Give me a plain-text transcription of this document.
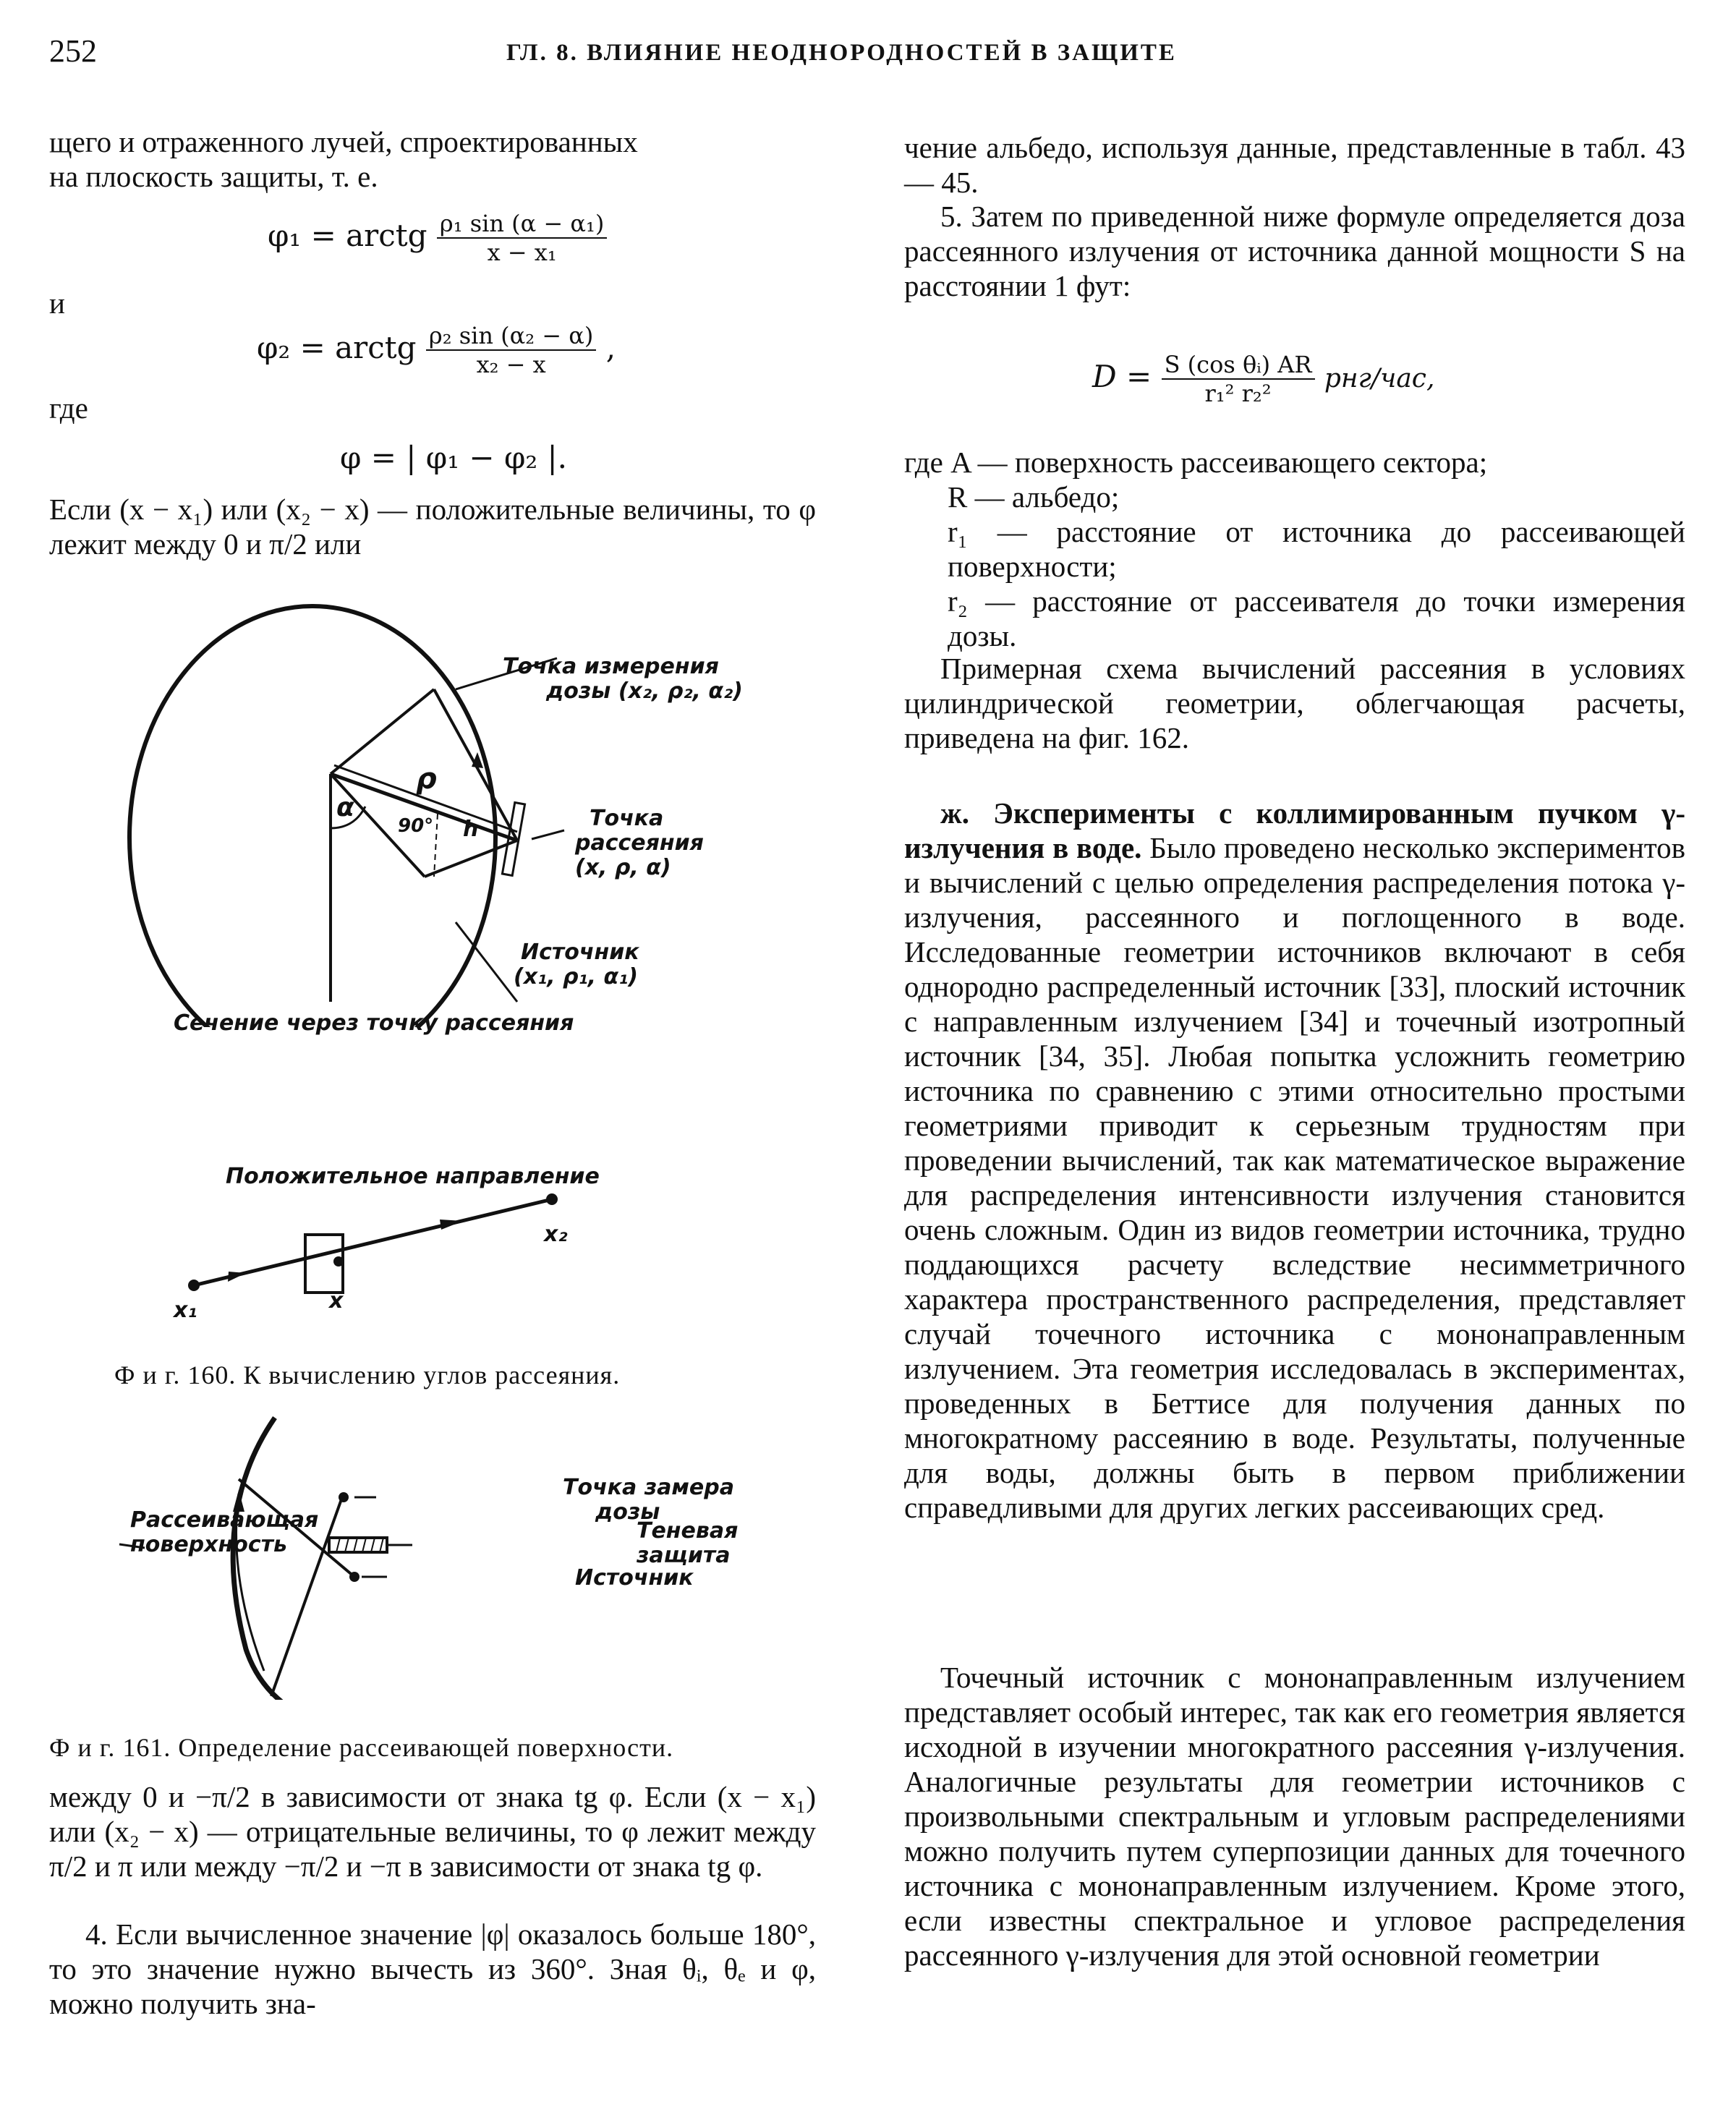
252	ГЛ. 8. ВЛИЯНИЕ НЕОДНОРОДНОСТЕЙ В ЗАЩИТЕ

щего и отраженного лучей, спроектированных

на плоскость защиты, т. е.

φ₁ = arctg $\frac{\text{ρ₁ sin (α − α₁)}}{\text{x − x₁}}$
и
φ₂ = arctg $\frac{\text{ρ₂ sin (α₂ − α)}}{\text{x₂ − x}}$ ,
где
φ = | φ₁ − φ₂ |.
Если (x − x₁) или (x₂ − x) — положительные величины, то φ лежит между 0 и π/2 или
α
ρ
90° h
Точка измерения
дозы (x₂, ρ₂, α₂)
Точка
рассеяния
(x, ρ, α)
Источник
(x₁, ρ₁, α₁)
Сечение через точку рассеяния
Положительное направление
x₁	x
x₂
Ф и г. 160. К вычислению углов рассеяния.
Рассеивающая
поверхность
Точка замера
дозы
Теневая
защита
Источник
Ф и г. 161. Определение рассеивающей поверхности.
между 0 и −π/2 в зависимости от знака tg φ. Если (x − x₁) или (x₂ − x) — отрицательные величины, то φ лежит между π/2 и π или между −π/2 и −π в зависимости от знака tg φ.
4. Если вычисленное значение |φ| оказалось больше 180°, то это значение нужно вычесть из 360°. Зная θᵢ, θₑ и φ, можно получить зна-
чение альбедо, используя данные, представленные в табл. 43 — 45.
5. Затем по приведенной ниже формуле определяется доза рассеянного излучения от источника данной мощности S на расстоянии 1 фут:
$D = \frac{\text{S (cos θᵢ) AR}}{\text{r₁² r₂²}} рнг/час$,

где A — поверхность рассеивающего сектора;

R — альбедо;

r₁ — расстояние от источника до рассеивающей поверхности;

r₂ — расстояние от рассеивателя до точки измерения дозы.

Примерная схема вычислений рассеяния в условиях цилиндрической геометрии, облегчающая расчеты, приведена на фиг. 162.
ж. Эксперименты с коллимированным пучком γ-излучения в воде. Было проведено несколько экспериментов и вычислений с целью определения распределения потока γ-излучения, рассеянного и поглощенного в воде. Исследованные геометрии источников включают в себя однородно распределенный источник [33], плоский источник с направленным излучением [34] и точечный изотропный источник [34, 35]. Любая попытка усложнить геометрию источника по сравнению с этими относительно простыми геометриями приводит к серьезным трудностям при проведении вычислений, так как математическое выражение для распределения интенсивности излучения становится очень сложным. Один из видов геометрии источника, трудно поддающихся расчету вследствие несимметричного характера пространственного распределения, представляет случай точечного источника с мононаправленным излучением. Эта геометрия исследовалась в экспериментах, проведенных в Беттисе для получения данных по многократному рассеянию в воде. Результаты, полученные для воды, должны быть в первом приближении справедливыми для других легких рассеивающих сред.
Точечный источник с мононаправленным излучением представляет особый интерес, так как его геометрия является исходной в изучении многократного рассеяния γ-излучения. Аналогичные результаты для геометрии источников с произвольными спектральным и угловым распределениями можно получить путем суперпозиции данных для точечного источника с мононаправленным излучением. Кроме этого, если известны спектральное и угловое распределения рассеянного γ-излучения для этой основной геометрии
